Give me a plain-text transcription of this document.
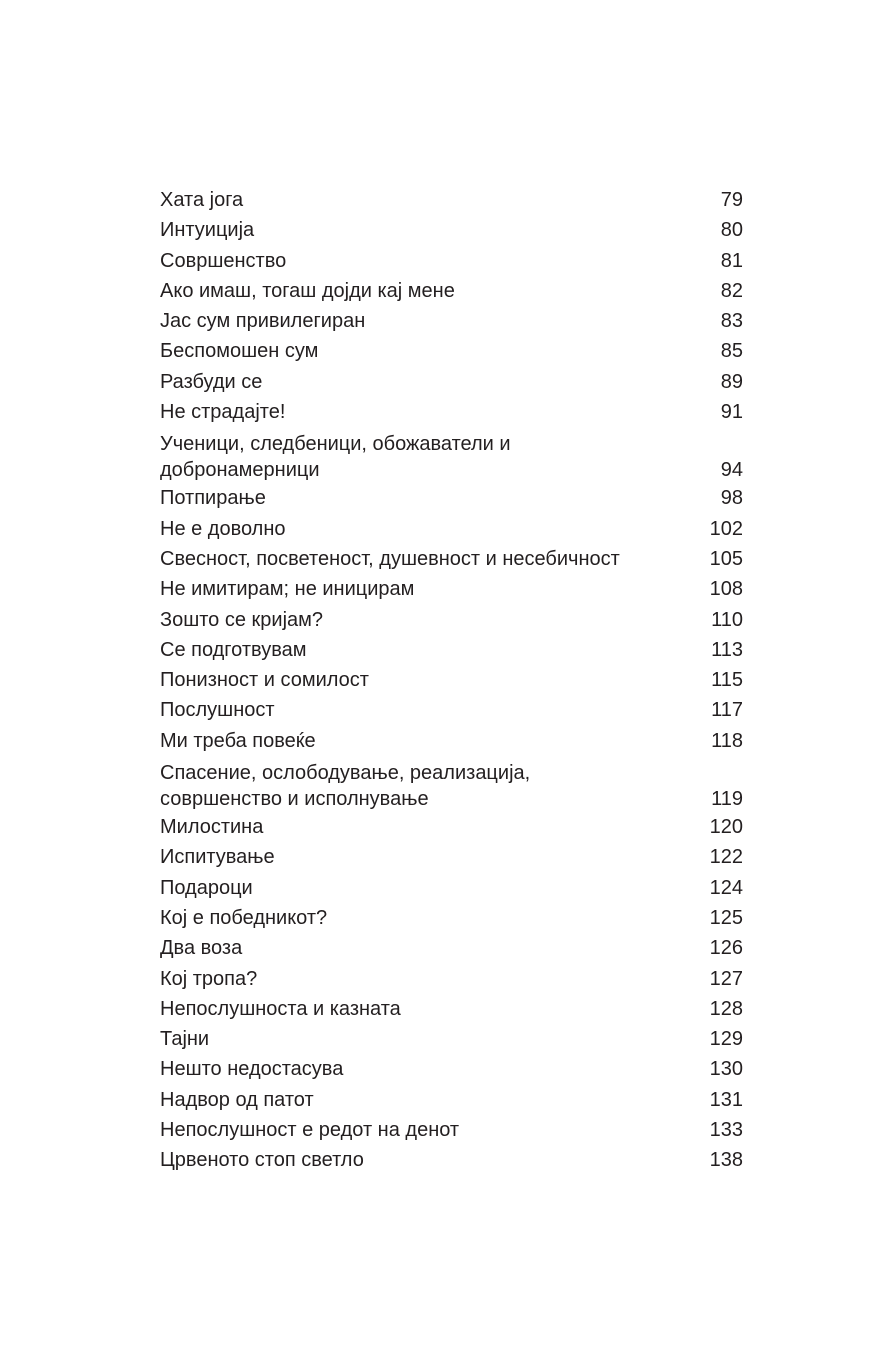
Хата јога	79
Интуиција	80
Совршенство	81
Ако имаш, тогаш дојди кај мене	82
Јас сум привилегиран	83
Беспомошен сум	85
Разбуди се	89
Не страдајте!	91
Ученици, следбеници, обожаватели и
добронамерници	94
Потпирање	98
Не е доволно	102
Свесност, посветеност, душевност и несебичност	105
Не имитирам; не иницирам	108
Зошто се кријам?	110
Се подготвувам	113
Понизност и сомилост	115
Послушност	117
Ми треба повеќе	118
Спасение, ослободување, реализација,
совршенство и исполнување	119
Милостина	120
Испитување	122
Подароци	124
Кој е победникот?	125
Два воза	126
Кој тропа?	127
Непослушноста и казната	128
Тајни	129
Нешто недостасува	130
Надвор од патот	131
Непослушност е редот на денот	133
Црвеното стоп светло	138
